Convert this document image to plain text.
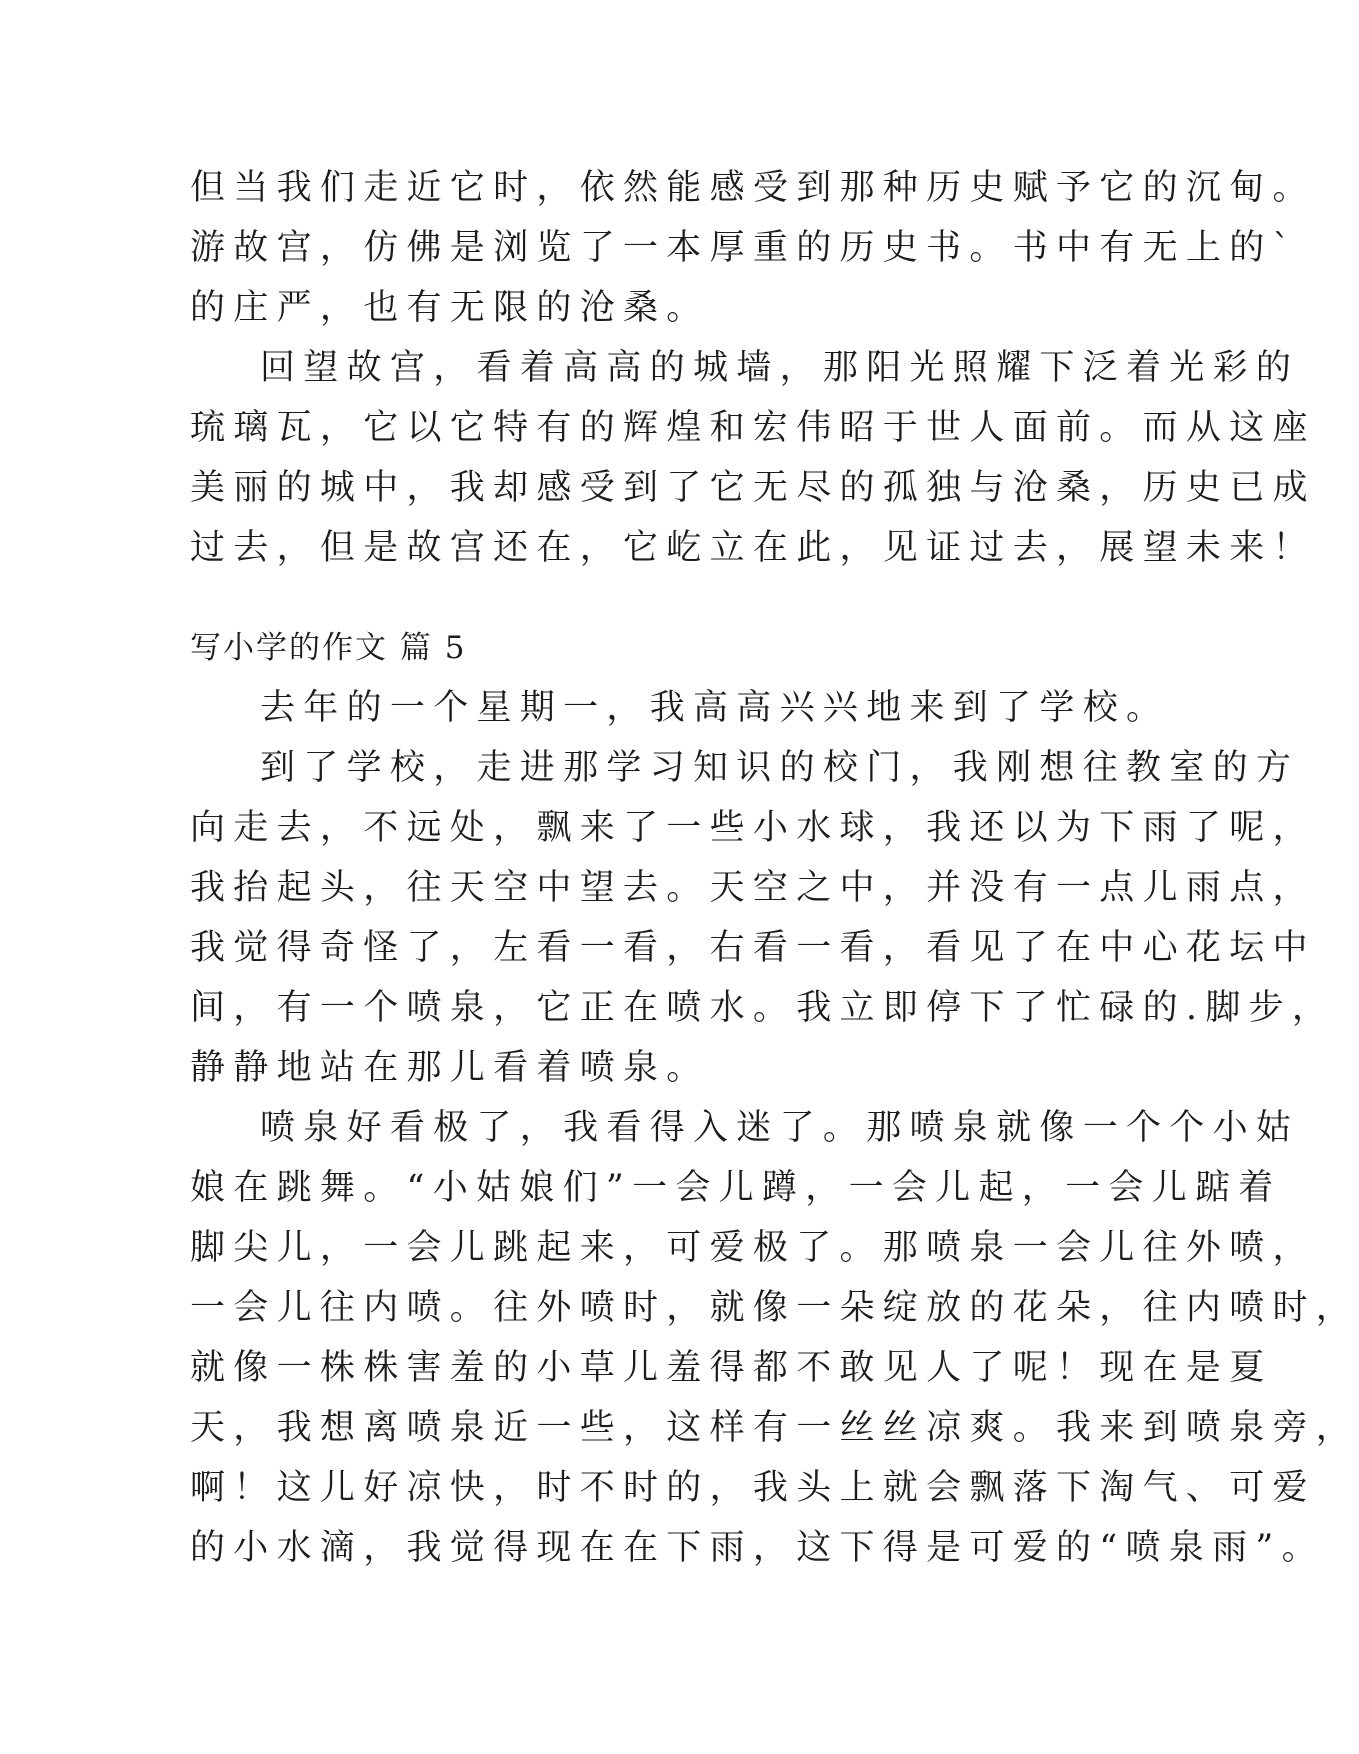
但当我们走近它时，依然能感受到那种历史赋予它的沉甸。
游故宫，仿佛是浏览了一本厚重的历史书。书中有无上的`
的庄严，也有无限的沧桑。
回望故宫，看着高高的城墙，那阳光照耀下泛着光彩的
琉璃瓦，它以它特有的辉煌和宏伟昭于世人面前。而从这座
美丽的城中，我却感受到了它无尽的孤独与沧桑，历史已成
过去，但是故宫还在，它屹立在此，见证过去，展望未来！
写小学的作文 篇 5
去年的一个星期一，我高高兴兴地来到了学校。
到了学校，走进那学习知识的校门，我刚想往教室的方
向走去，不远处，飘来了一些小水球，我还以为下雨了呢，
我抬起头，往天空中望去。天空之中，并没有一点儿雨点，
我觉得奇怪了，左看一看，右看一看，看见了在中心花坛中
间，有一个喷泉，它正在喷水。我立即停下了忙碌的.脚步，
静静地站在那儿看着喷泉。
喷泉好看极了，我看得入迷了。那喷泉就像一个个小姑
娘在跳舞。“小姑娘们”一会儿蹲，一会儿起，一会儿踮着
脚尖儿，一会儿跳起来，可爱极了。那喷泉一会儿往外喷，
一会儿往内喷。往外喷时，就像一朵绽放的花朵，往内喷时，
就像一株株害羞的小草儿羞得都不敢见人了呢！现在是夏
天，我想离喷泉近一些，这样有一丝丝凉爽。我来到喷泉旁，
啊！这儿好凉快，时不时的，我头上就会飘落下淘气、可爱
的小水滴，我觉得现在在下雨，这下得是可爱的“喷泉雨”。
